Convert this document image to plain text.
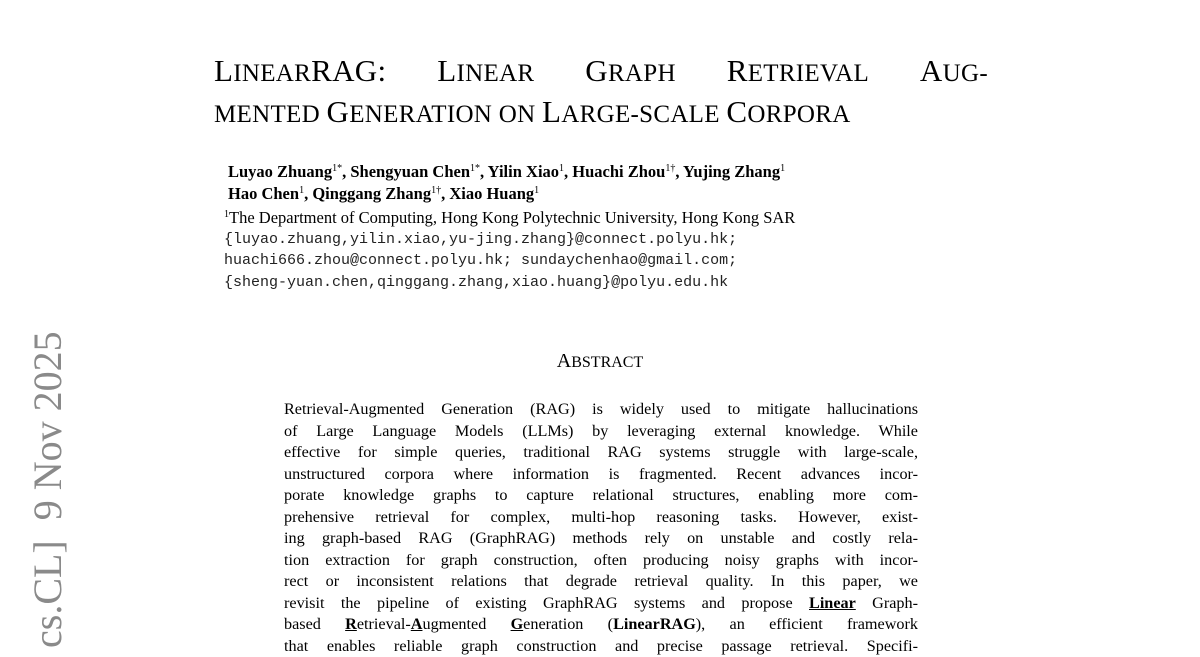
LINEARRAG: LINEAR GRAPH RETRIEVAL AUG-
MENTED GENERATION ON LARGE-SCALE CORPORA
Luyao Zhuang$^{1*}$, Shengyuan Chen$^{1*}$, Yilin Xiao$^1$, Huachi Zhou$^{1\dagger}$, Yujing Zhang$^1$
Hao Chen$^1$, Qinggang Zhang$^{1\dagger}$, Xiao Huang$^1$
$^1$The Department of Computing, Hong Kong Polytechnic University, Hong Kong SAR
{luyao.zhuang,yilin.xiao,yu-jing.zhang}@connect.polyu.hk;
huachi666.zhou@connect.polyu.hk; sundaychenhao@gmail.com;
{sheng-yuan.chen,qinggang.zhang,xiao.huang}@polyu.edu.hk
cs.CL]  9 Nov 2025	ABSTRACT
Retrieval-Augmented Generation (RAG) is widely used to mitigate hallucinations
of Large Language Models (LLMs) by leveraging external knowledge. While
effective for simple queries, traditional RAG systems struggle with large-scale,
unstructured corpora where information is fragmented. Recent advances incor-
porate knowledge graphs to capture relational structures, enabling more com-
prehensive retrieval for complex, multi-hop reasoning tasks. However, exist-
ing graph-based RAG (GraphRAG) methods rely on unstable and costly rela-
tion extraction for graph construction, often producing noisy graphs with incor-
rect or inconsistent relations that degrade retrieval quality. In this paper, we
revisit the pipeline of existing GraphRAG systems and propose Linear Graph-
based Retrieval-Augmented Generation (LinearRAG), an efficient framework
that enables reliable graph construction and precise passage retrieval. Specifi-
